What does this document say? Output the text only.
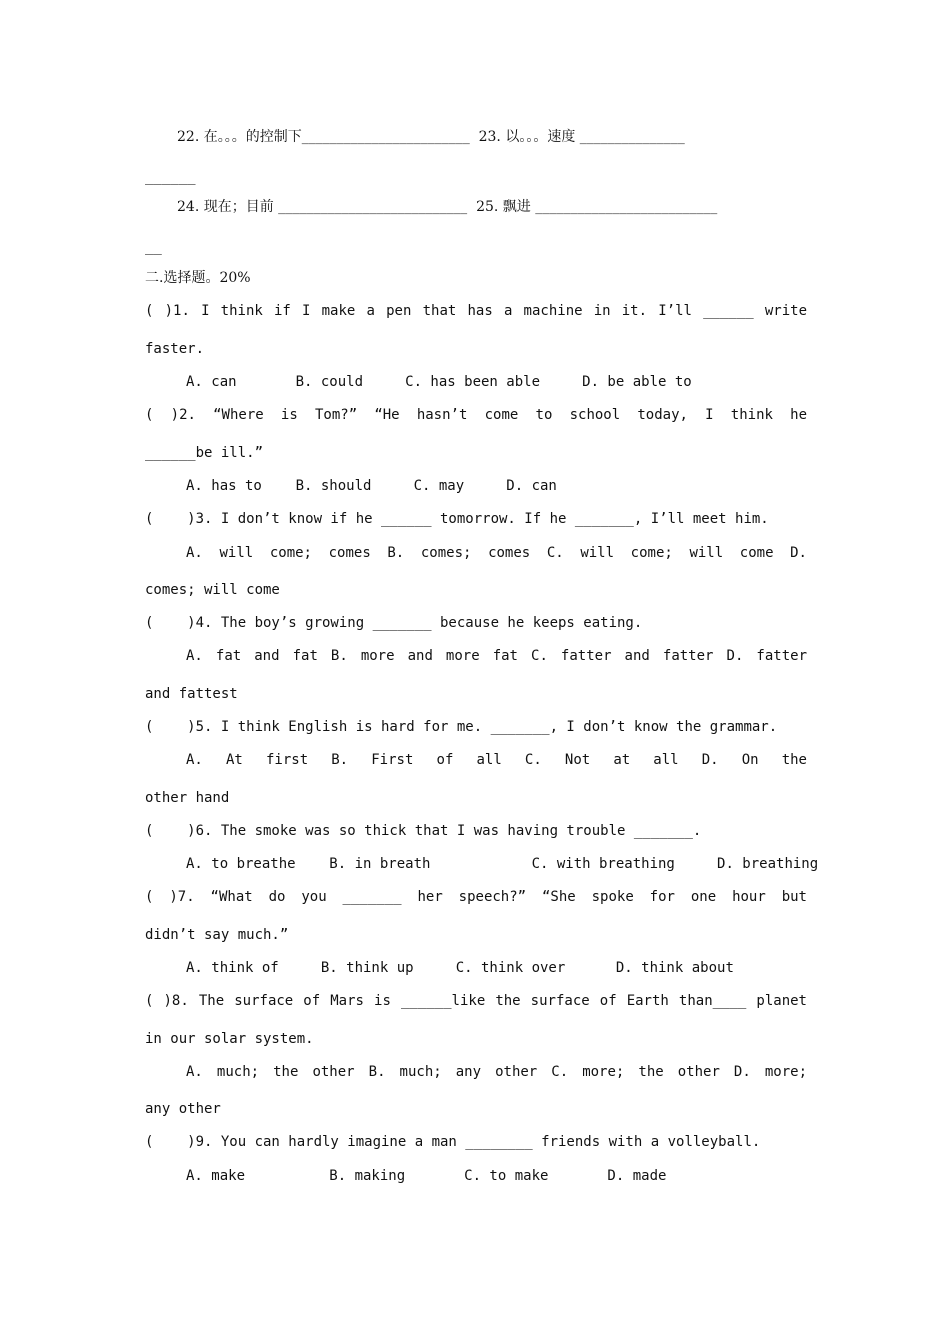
22. 在。。。的控制下________________________  23. 以。。。速度 _______________
______
24. 现在；目前 ___________________________  25. 飘进 __________________________
__
二.选择题。20%
( )1. I think if I make a pen that has a machine in it. I’ll ______ write
faster.
A. can       B. could     C. has been able     D. be able to
( )2. “Where is Tom?” “He hasn’t come to school today, I think he
______be ill.”
A. has to    B. should     C. may     D. can
(    )3. I don’t know if he ______ tomorrow. If he _______, I’ll meet him.
A. will come; comes B. comes; comes C. will come; will come D.
comes; will come
(    )4. The boy’s growing _______ because he keeps eating.
A. fat and fat B. more and more fat C. fatter and fatter D. fatter
and fattest
(    )5. I think English is hard for me. _______, I don’t know the grammar.
A. At first B. First of all C. Not at all D. On the
other hand
(    )6. The smoke was so thick that I was having trouble _______.
A. to breathe    B. in breath            C. with breathing     D. breathing
( )7. “What do you _______ her speech?” “She spoke for one hour but
didn’t say much.”
A. think of     B. think up     C. think over      D. think about
( )8. The surface of Mars is ______like the surface of Earth than____ planet
in our solar system.
A. much; the other B. much; any other C. more; the other D. more;
any other
(    )9. You can hardly imagine a man ________ friends with a volleyball.
A. make          B. making       C. to make       D. made
